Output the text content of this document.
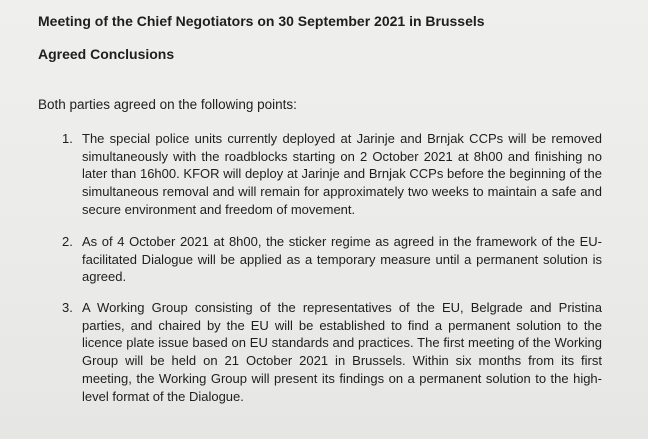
Meeting of the Chief Negotiators on 30 September 2021 in Brussels
Agreed Conclusions

Both parties agreed on the following points:

1. The special police units currently deployed at Jarinje and Brnjak CCPs will be removed simultaneously with the roadblocks starting on 2 October 2021 at 8h00 and finishing no later than 16h00. KFOR will deploy at Jarinje and Brnjak CCPs before the beginning of the simultaneous removal and will remain for approximately two weeks to maintain a safe and secure environment and freedom of movement.
2. As of 4 October 2021 at 8h00, the sticker regime as agreed in the framework of the EU-facilitated Dialogue will be applied as a temporary measure until a permanent solution is agreed.
3. A Working Group consisting of the representatives of the EU, Belgrade and Pristina parties, and chaired by the EU will be established to find a permanent solution to the licence plate issue based on EU standards and practices. The first meeting of the Working Group will be held on 21 October 2021 in Brussels. Within six months from its first meeting, the Working Group will present its findings on a permanent solution to the high-level format of the Dialogue.
